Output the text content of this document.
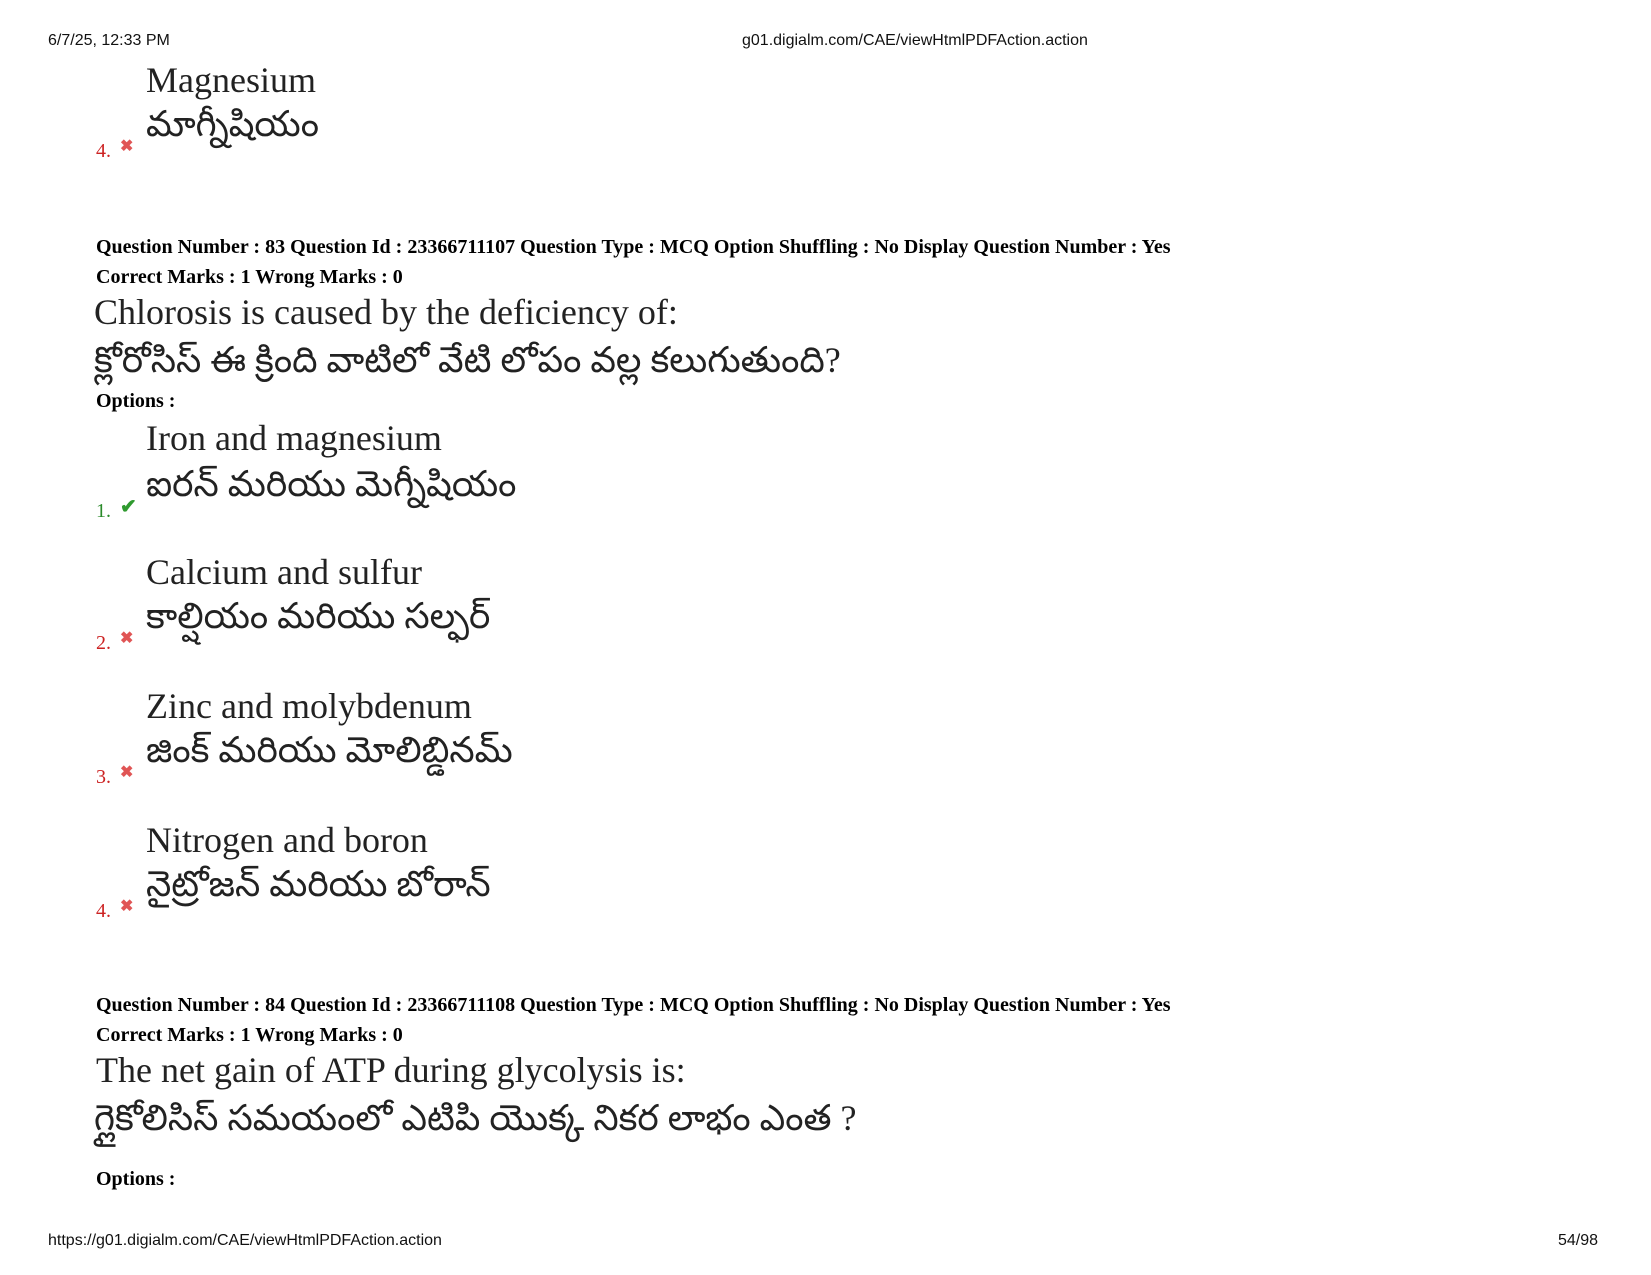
6/7/25, 12:33 PM	g01.digialm.com/CAE/viewHtmlPDFAction.action
Magnesium
మాగ్నీషియం
4. ✖
Question Number : 83 Question Id : 23366711107 Question Type : MCQ Option Shuffling : No Display Question Number : Yes
Correct Marks : 1 Wrong Marks : 0
Chlorosis is caused by the deficiency of:
క్లోరోసిస్ ఈ క్రింది వాటిలో వేటి లోపం వల్ల కలుగుతుంది?
Options :
Iron and magnesium
ఐరన్ మరియు మెగ్నీషియం
1. ✔
Calcium and sulfur
కాల్షియం మరియు సల్ఫర్
2. ✖
Zinc and molybdenum
జింక్ మరియు మోలిబ్డినమ్
3. ✖
Nitrogen and boron
నైట్రోజన్ మరియు బోరాన్
4. ✖
Question Number : 84 Question Id : 23366711108 Question Type : MCQ Option Shuffling : No Display Question Number : Yes
Correct Marks : 1 Wrong Marks : 0
The net gain of ATP during glycolysis is:
గ్లైకోలిసిస్ సమయంలో ఎటిపి యొక్క నికర లాభం ఎంత ?
Options :
https://g01.digialm.com/CAE/viewHtmlPDFAction.action	54/98
